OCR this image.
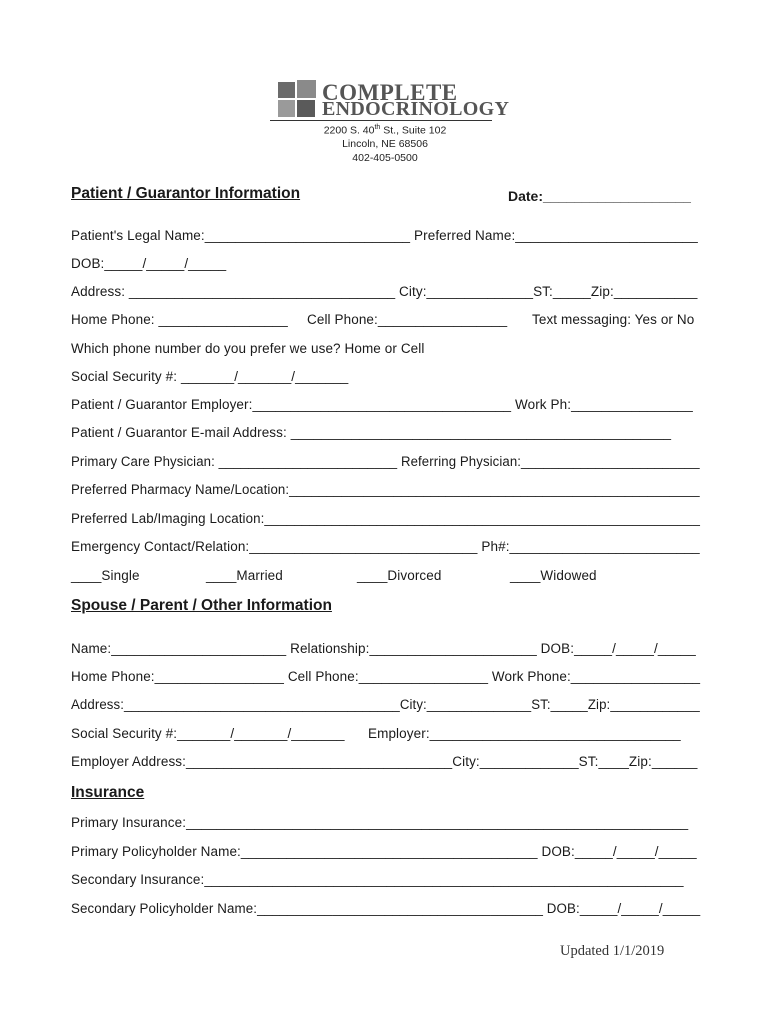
COMPLETE
ENDOCRINOLOGY
2200 S. 40th St., Suite 102
Lincoln, NE 68506
402-405-0500
Patient / Guarantor Information	Date:___________________
Patient's Legal Name:___________________________ Preferred Name:________________________
DOB:_____/_____/_____
Address: ___________________________________ City:______________ST:_____Zip:___________
Home Phone: _________________ Cell Phone:_________________ Text messaging: Yes or No
Which phone number do you prefer we use? Home or Cell
Social Security #: _______/_______/_______
Patient / Guarantor Employer:__________________________________ Work Ph:________________
Patient / Guarantor E-mail Address: __________________________________________________
Primary Care Physician: ________________________ Referring Physician:________________________
Preferred Pharmacy Name/Location:_______________________________________________________
Preferred Lab/Imaging Location:__________________________________________________________
Emergency Contact/Relation:______________________________ Ph#:_________________________
____Single	____Married	____Divorced	____Widowed
Spouse / Parent / Other Information
Name:_______________________ Relationship:______________________ DOB:_____/_____/_____
Home Phone:_________________ Cell Phone:_________________ Work Phone:_________________
Address:_____________________________________City:______________ST:_____Zip:____________
Social Security #:_______/_______/_______ Employer:_________________________________
Employer Address:___________________________________City:_____________ST:____Zip:______
Insurance
Primary Insurance:__________________________________________________________________
Primary Policyholder Name:_______________________________________ DOB:_____/_____/_____
Secondary Insurance:_______________________________________________________________
Secondary Policyholder Name:______________________________________ DOB:_____/_____/_____
Updated 1/1/2019
